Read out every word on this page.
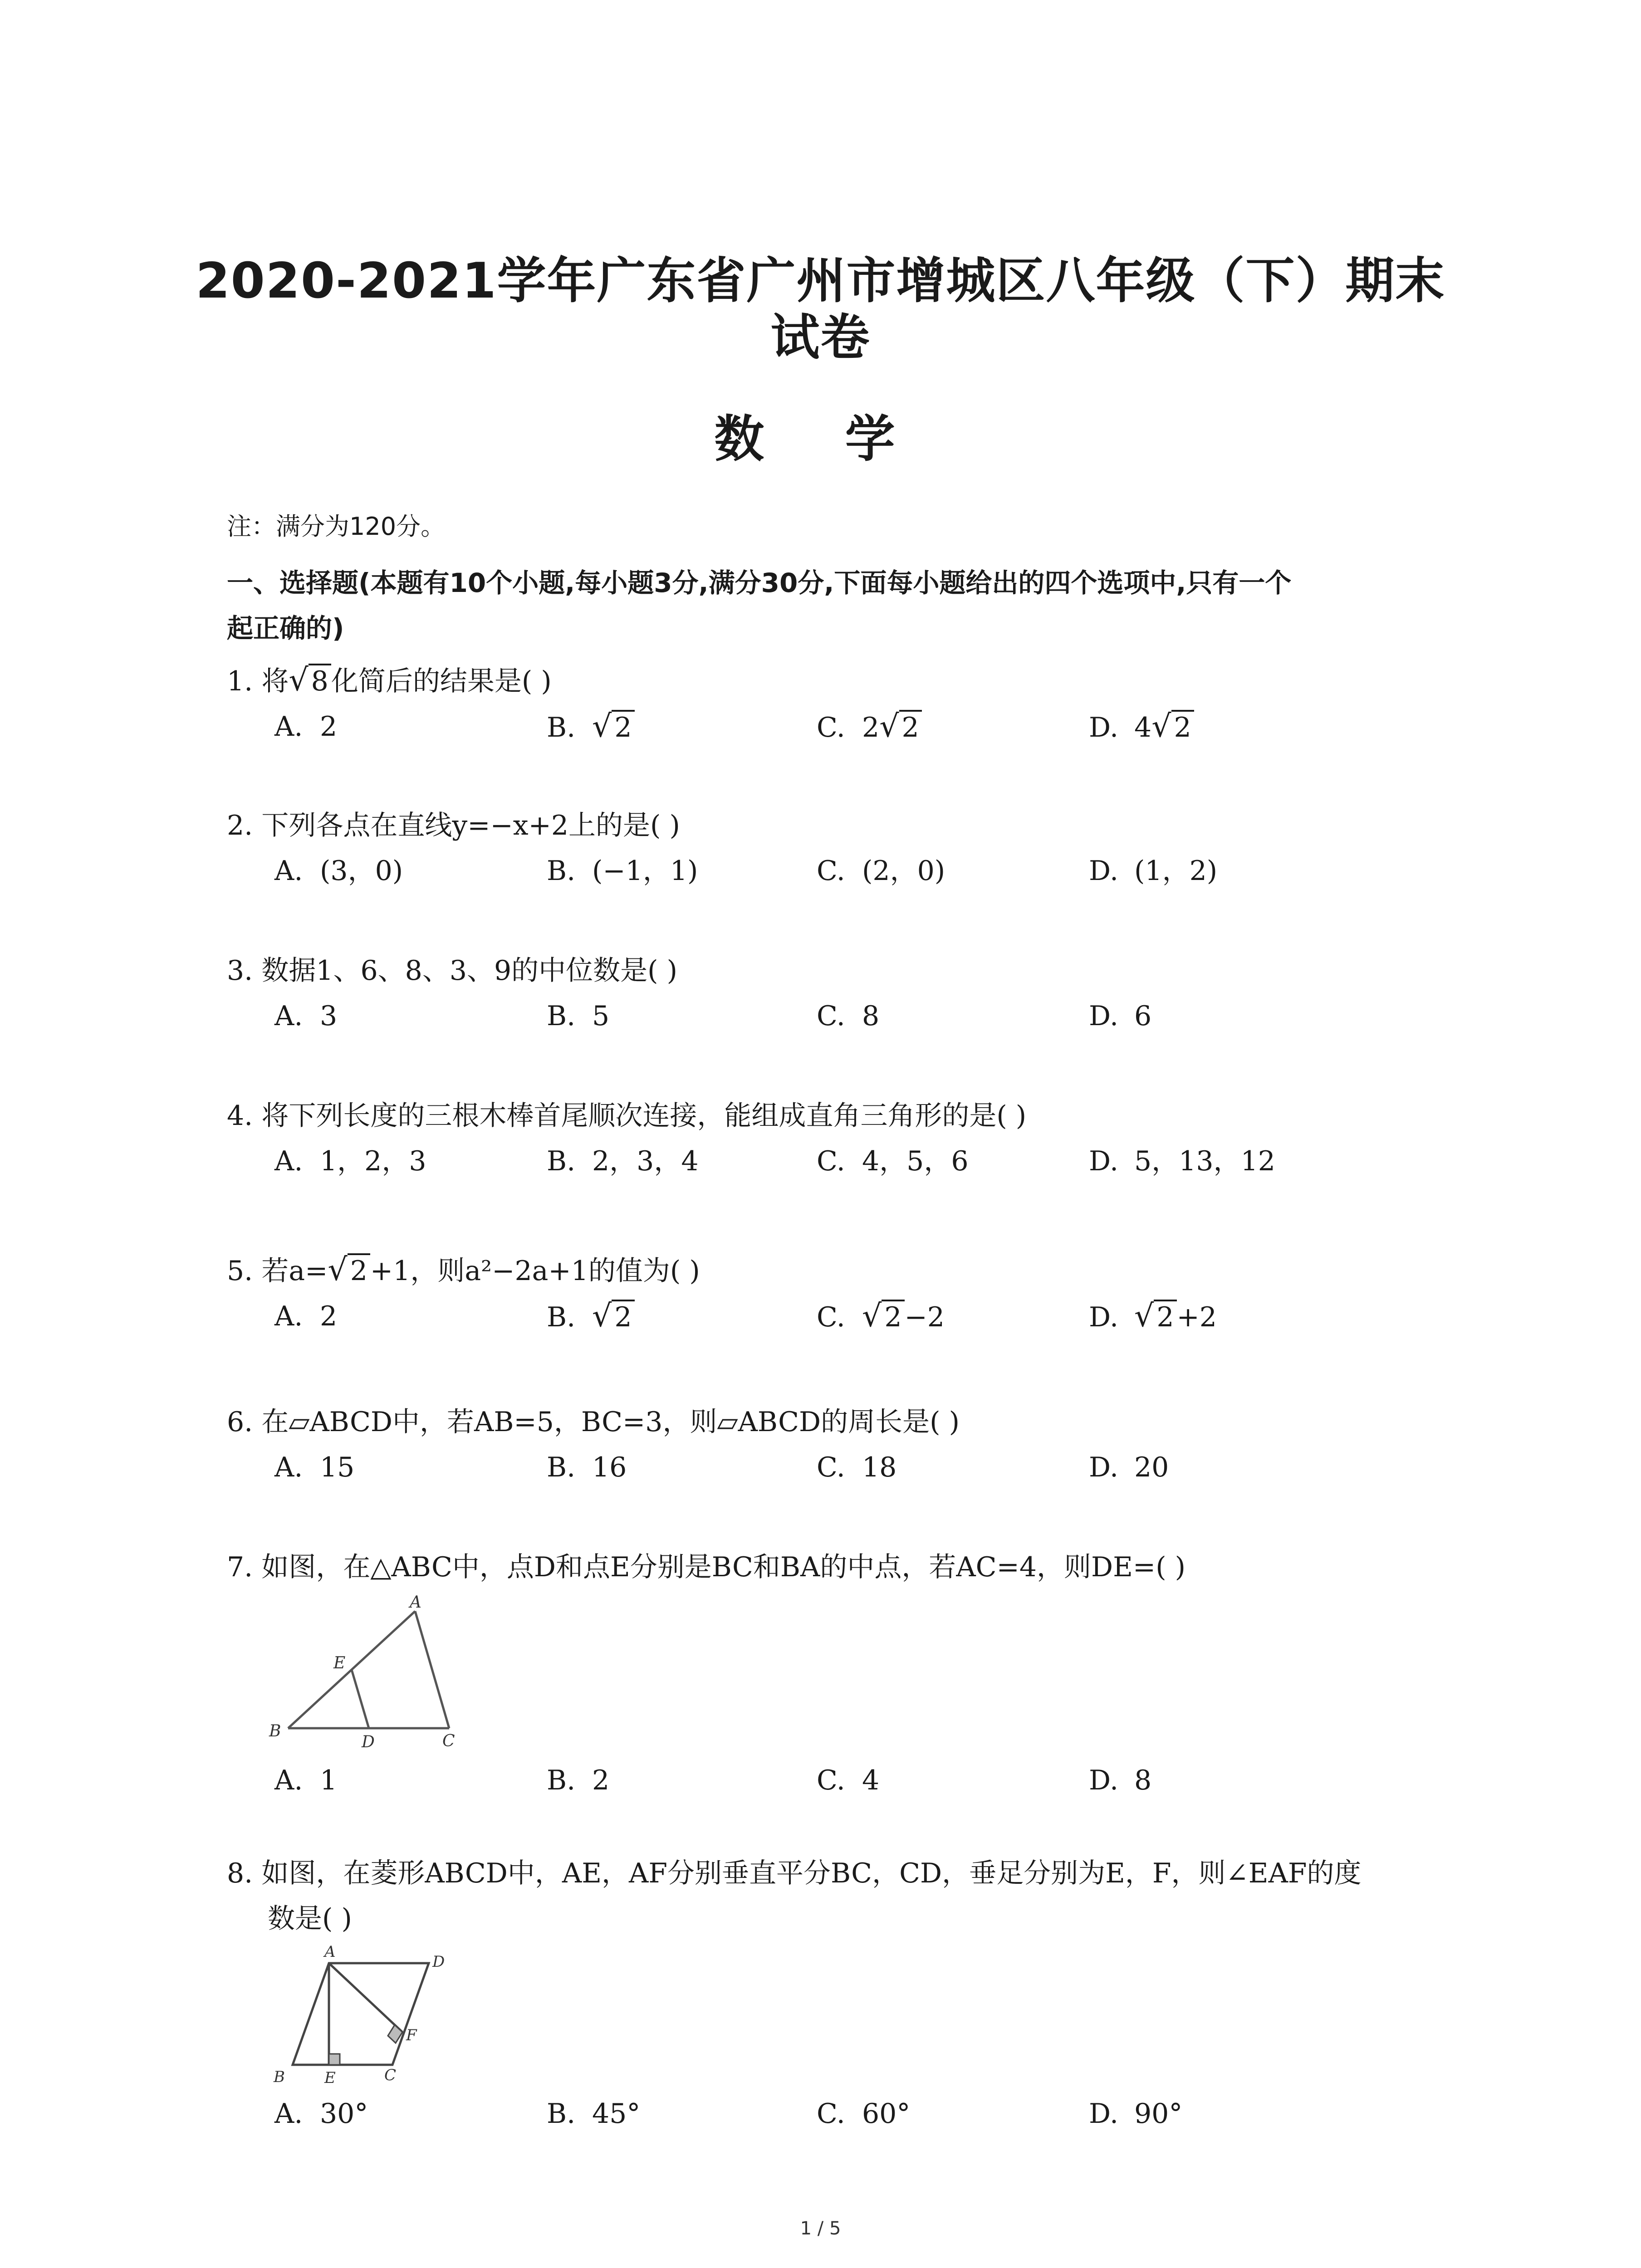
2020-2021学年广东省广州市增城区八年级（下）期末
试卷
数 学
注：满分为120分。
一、选择题(本题有10个小题,每小题3分,满分30分,下面每小题给出的四个选项中,只有一个
起正确的)
1. 将√ 8 化简后的结果是( )
A. 2	B. √ 2	C. 2√ 2	D. 4√ 2
2. 下列各点在直线y=−x+2上的是( )
A. (3，0)	B. (−1，1)	C. (2，0)	D. (1，2)
3. 数据1、6、8、3、9的中位数是( )
A. 3	B. 5	C. 8	D. 6
4. 将下列长度的三根木棒首尾顺次连接，能组成直角三角形的是( )
A. 1，2，3	B. 2，3，4	C. 4，5，6	D. 5，13，12
5. 若a=√ 2 +1，则a²−2a+1的值为( )
A. 2	B. √ 2	C. √ 2 −2	D. √ 2 +2
6. 在▱ABCD中，若AB=5，BC=3，则▱ABCD的周长是( )
A. 15	B. 16	C. 18	D. 20
7. 如图，在△ABC中，点D和点E分别是BC和BA的中点，若AC=4，则DE=( )
A
B
C
D
E
A. 1	B. 2	C. 4	D. 8
8. 如图，在菱形ABCD中，AE，AF分别垂直平分BC，CD，垂足分别为E，F，则∠EAF的度
数是( )
A
D
F
B	E	C
A. 30°	B. 45°	C. 60°	D. 90°
1 / 5
